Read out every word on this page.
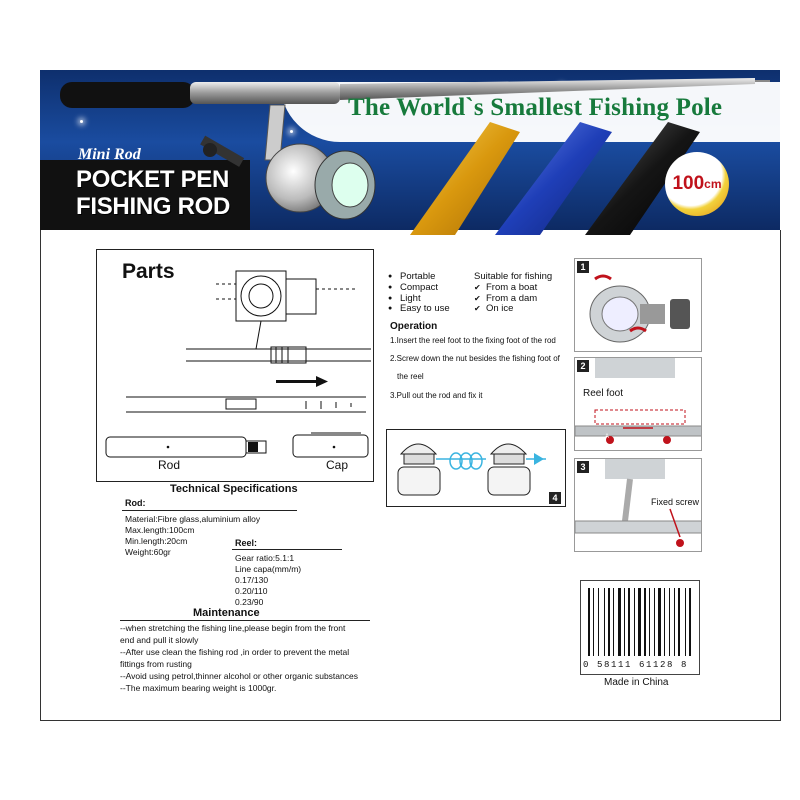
The World`s Smallest Fishing Pole
Mini Rod
POCKET PEN
FISHING ROD
100 cm
Parts
Rod	Cap
● Portable
● Compact
● Light
● Easy to use
Suitable for fishing
✔ From a boat
✔ From a dam
✔ On ice
Operation
1.Insert the reel foot to the fixing foot of the rod
2.Screw down the nut besides the fishing foot of
the reel
3.Pull out the rod and fix it
4
1
Reel foot
2
A
Fixed screw
3
Technical Specifications
Rod:
Material:Fibre glass,aluminium alloy
Max.length:100cm
Min.length:20cm
Weight:60gr
Reel:
Gear ratio:5.1:1
Line capa(mm/m)
0.17/130
0.20/110
0.23/90
Maintenance
--when stretching the fishing line,please begin from the front
end and pull it slowly
--After use clean the fishing rod ,in order to prevent the metal
fittings from rusting
--Avoid using petrol,thinner alcohol or other organic substances
--The maximum bearing weight is 1000gr.
0 58111 61128 8
Made in China
